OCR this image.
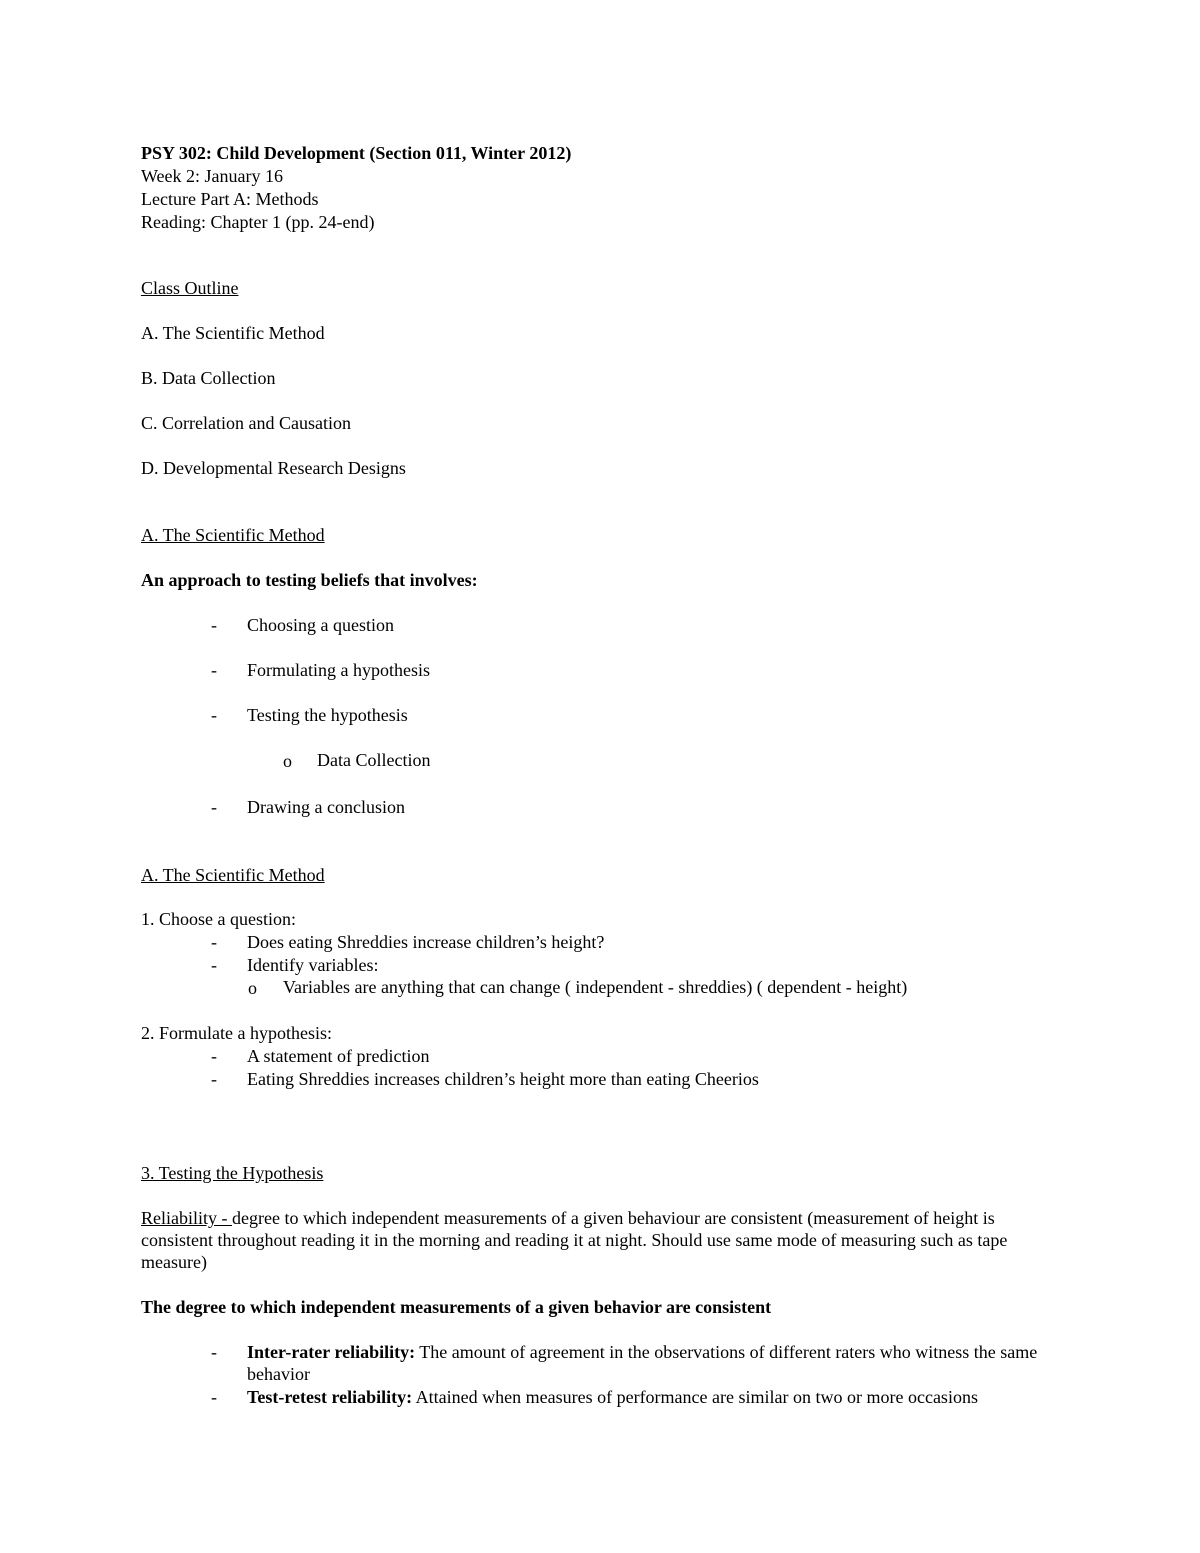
PSY 302: Child Development (Section 011, Winter 2012)
Week 2: January 16
Lecture Part A: Methods
Reading: Chapter 1 (pp. 24-end)
Class Outline
A. The Scientific Method
B. Data Collection
C. Correlation and Causation
D. Developmental Research Designs
A. The Scientific Method
An approach to testing beliefs that involves:
- Choosing a question
- Formulating a hypothesis
- Testing the hypothesis
o Data Collection
- Drawing a conclusion
A. The Scientific Method
1. Choose a question:
- Does eating Shreddies increase children’s height?
- Identify variables:
o Variables are anything that can change ( independent - shreddies) ( dependent - height)
2. Formulate a hypothesis:
- A statement of prediction
- Eating Shreddies increases children’s height more than eating Cheerios
3. Testing the Hypothesis
Reliability - degree to which independent measurements of a given behaviour are consistent (measurement of height is consistent throughout reading it in the morning and reading it at night. Should use same mode of measuring such as tape measure)
The degree to which independent measurements of a given behavior are consistent
- Inter-rater reliability: The amount of agreement in the observations of different raters who witness the same behavior
- Test-retest reliability: Attained when measures of performance are similar on two or more occasions
